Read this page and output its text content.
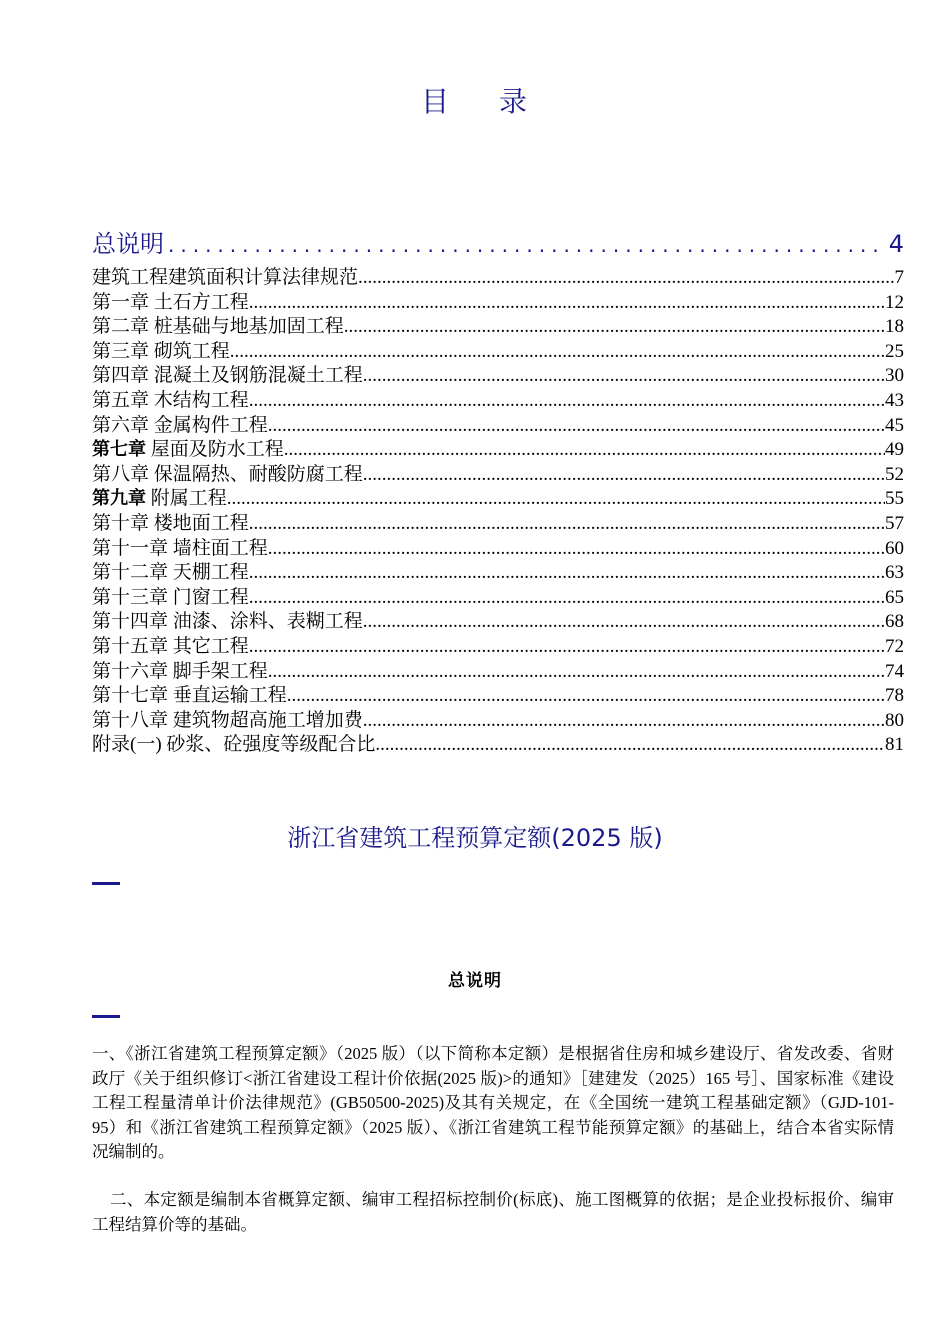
目 录
总说明 .....	4
建筑工程建筑面积计算法律规范 .....	7
第一章 土石方工程 .....	12
第二章 桩基础与地基加固工程 .....	18
第三章 砌筑工程 .....	25
第四章 混凝土及钢筋混凝土工程 .....	30
第五章 木结构工程 .....	43
第六章 金属构件工程 .....	45
第七章 屋面及防水工程 .....	49
第八章 保温隔热、耐酸防腐工程 .....	52
第九章 附属工程 .....	55
第十章 楼地面工程 .....	57
第十一章 墙柱面工程 .....	60
第十二章 天棚工程 .....	63
第十三章 门窗工程 .....	65
第十四章 油漆、涂料、表糊工程 .....	68
第十五章 其它工程 .....	72
第十六章 脚手架工程 .....	74
第十七章 垂直运输工程 .....	78
第十八章 建筑物超高施工增加费 .....	80
附录(一) 砂浆、砼强度等级配合比 .....	81
浙江省建筑工程预算定额(2025 版)
总说明

一、《浙江省建筑工程预算定额》（2025 版）（以下简称本定额）是根据省住房和城乡建设厅、省发改委、省财政厅《关于组织修订<浙江省建设工程计价依据(2025 版)>的通知》［建建发（2025）165 号］、国家标准《建设工程工程量清单计价法律规范》(GB50500-2025)及其有关规定，在《全国统一建筑工程基础定额》（GJD-101-95）和《浙江省建筑工程预算定额》（2025 版）、《浙江省建筑工程节能预算定额》的基础上，结合本省实际情况编制的。

二、本定额是编制本省概算定额、编审工程招标控制价(标底)、施工图概算的依据；是企业投标报价、编审工程结算价等的基础。
